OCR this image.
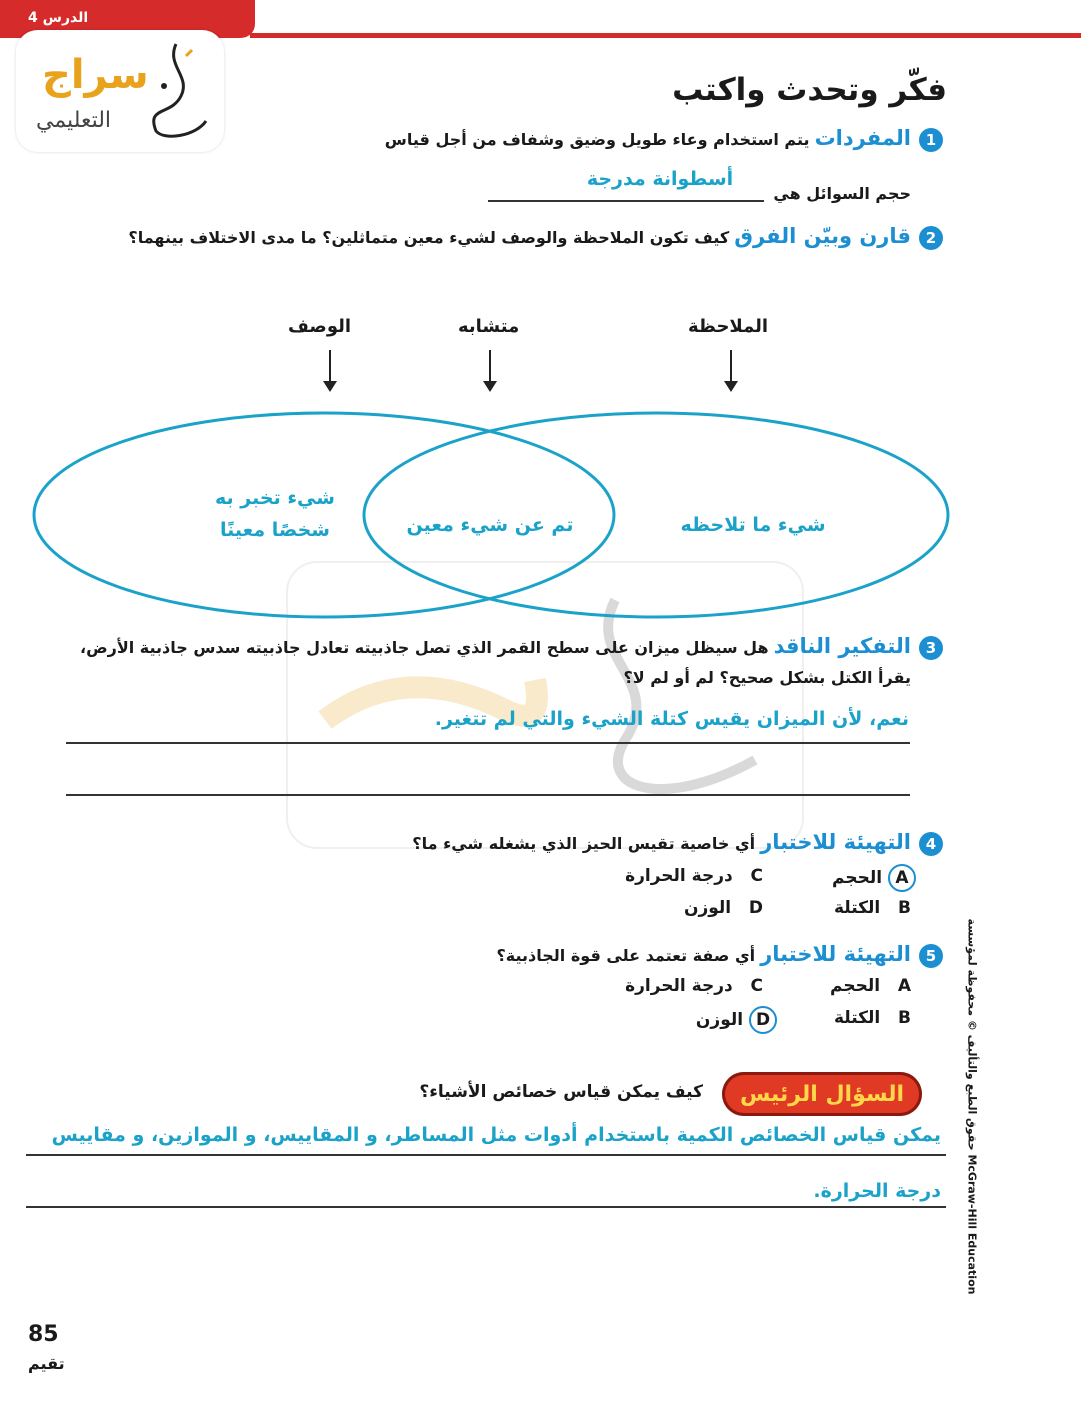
الدرس 4
سراج
التعليمي
فكّر وتحدث واكتب
1
المفردات يتم استخدام وعاء طويل وضيق وشفاف من أجل قياس
حجم السوائل هي
أسطوانة مدرجة
2
قارن وبيّن الفرق كيف تكون الملاحظة والوصف لشيء معين متماثلين؟ ما مدى الاختلاف بينهما؟
الوصف	متشابه	الملاحظة
شيء تخبر به
شخصًا معينًا	تم عن شيء معين	شيء ما تلاحظه
3
التفكير الناقد هل سيظل ميزان على سطح القمر الذي تصل جاذبيته تعادل جاذبيته سدس جاذبية الأرض،
يقرأ الكتل بشكل صحيح؟ لم أو لم لا؟
نعم، لأن الميزان يقيس كتلة الشيء والتي لم تتغير.
4
التهيئة للاختبار أي خاصية تقيس الحيز الذي يشغله شيء ما؟
A الحجم
B   الكتلة
C   درجة الحرارة
D   الوزن
5
التهيئة للاختبار أي صفة تعتمد على قوة الجاذبية؟
A   الحجم
B   الكتلة
C   درجة الحرارة
D الوزن
السؤال الرئيس
كيف يمكن قياس خصائص الأشياء؟
يمكن قياس الخصائص الكمية باستخدام أدوات مثل المساطر، و المقاييس، و الموازين، و مقاييس
درجة الحرارة.
حقوق الطبع والتأليف © محفوظة لمؤسسة McGraw-Hill Education
85
تقيم
